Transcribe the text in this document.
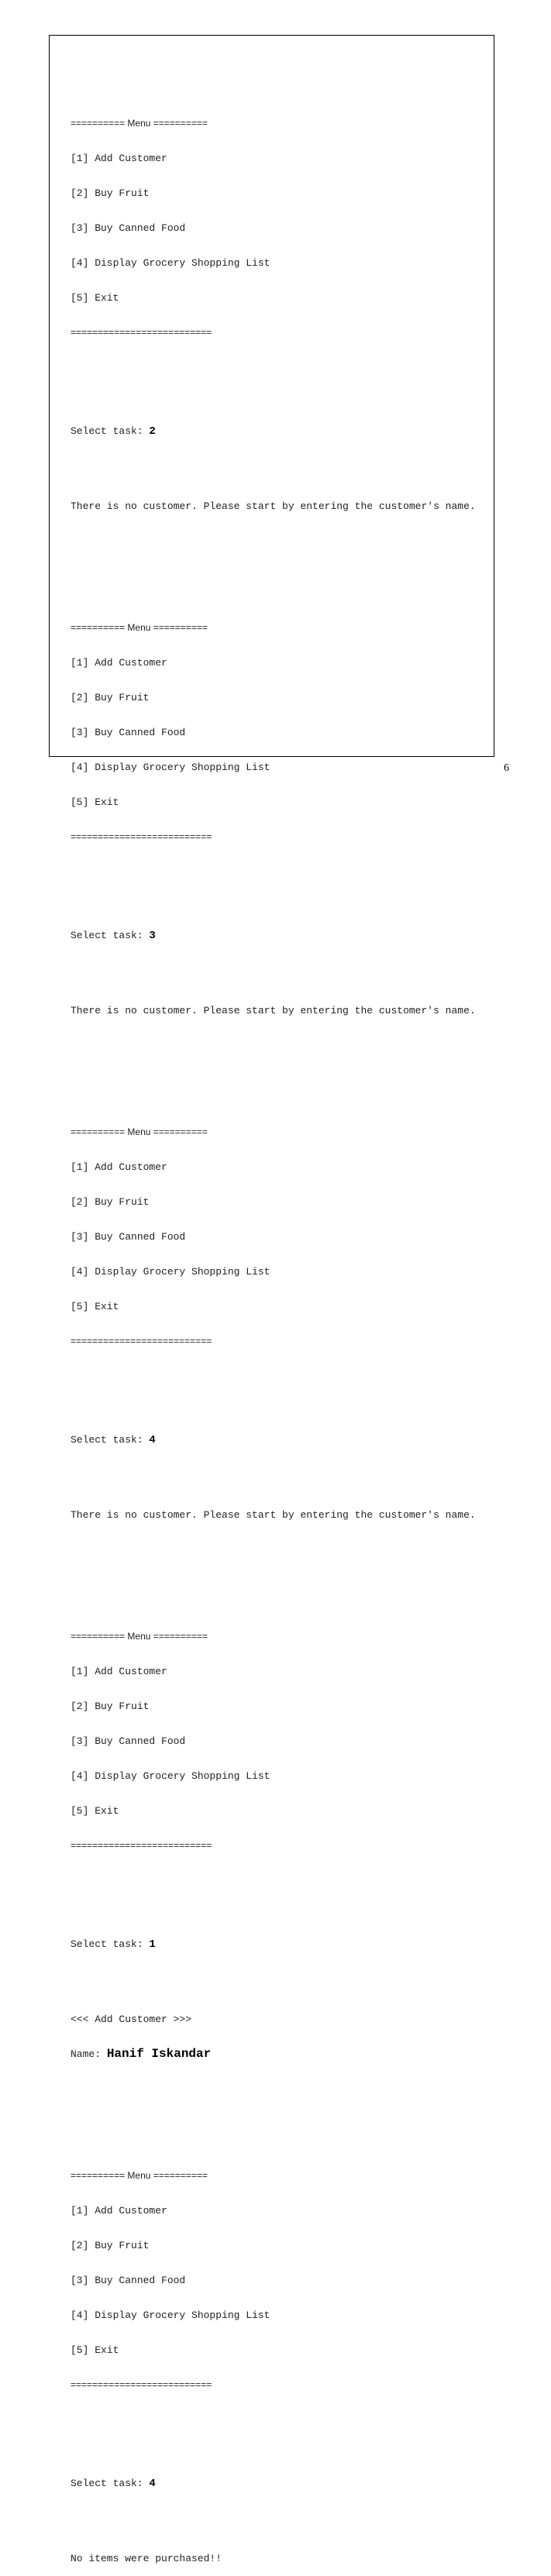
========== Menu ==========

[1] Add Customer

[2] Buy Fruit

[3] Buy Canned Food

[4] Display Grocery Shopping List

[5] Exit

==========================

Select task: 2

There is no customer. Please start by entering the customer's name.

========== Menu ==========

[1] Add Customer

[2] Buy Fruit

[3] Buy Canned Food

[4] Display Grocery Shopping List

[5] Exit

==========================

Select task: 3

There is no customer. Please start by entering the customer's name.

========== Menu ==========

[1] Add Customer

[2] Buy Fruit

[3] Buy Canned Food

[4] Display Grocery Shopping List

[5] Exit

==========================

Select task: 4

There is no customer. Please start by entering the customer's name.

========== Menu ==========

[1] Add Customer

[2] Buy Fruit

[3] Buy Canned Food

[4] Display Grocery Shopping List

[5] Exit

==========================

Select task: 1

<<< Add Customer >>>

Name: Hanif Iskandar

========== Menu ==========

[1] Add Customer

[2] Buy Fruit

[3] Buy Canned Food

[4] Display Grocery Shopping List

[5] Exit

==========================

Select task: 4

No items were purchased!!

6
